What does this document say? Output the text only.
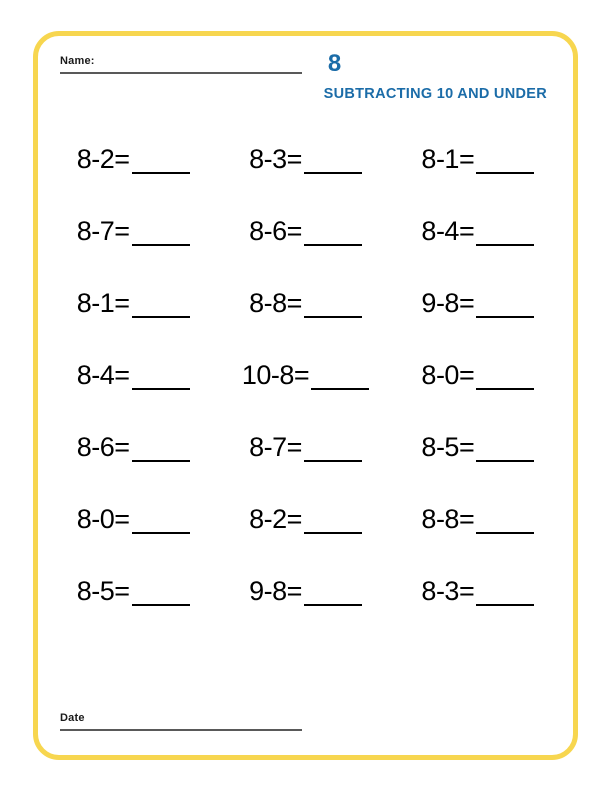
Name:	8
SUBTRACTING 10 AND UNDER
8-2=	8-3=	8-1=
8-7=	8-6=	8-4=
8-1=	8-8=	9-8=
8-4=	10-8=	8-0=
8-6=	8-7=	8-5=
8-0=	8-2=	8-8=
8-5=	9-8=	8-3=
Date
